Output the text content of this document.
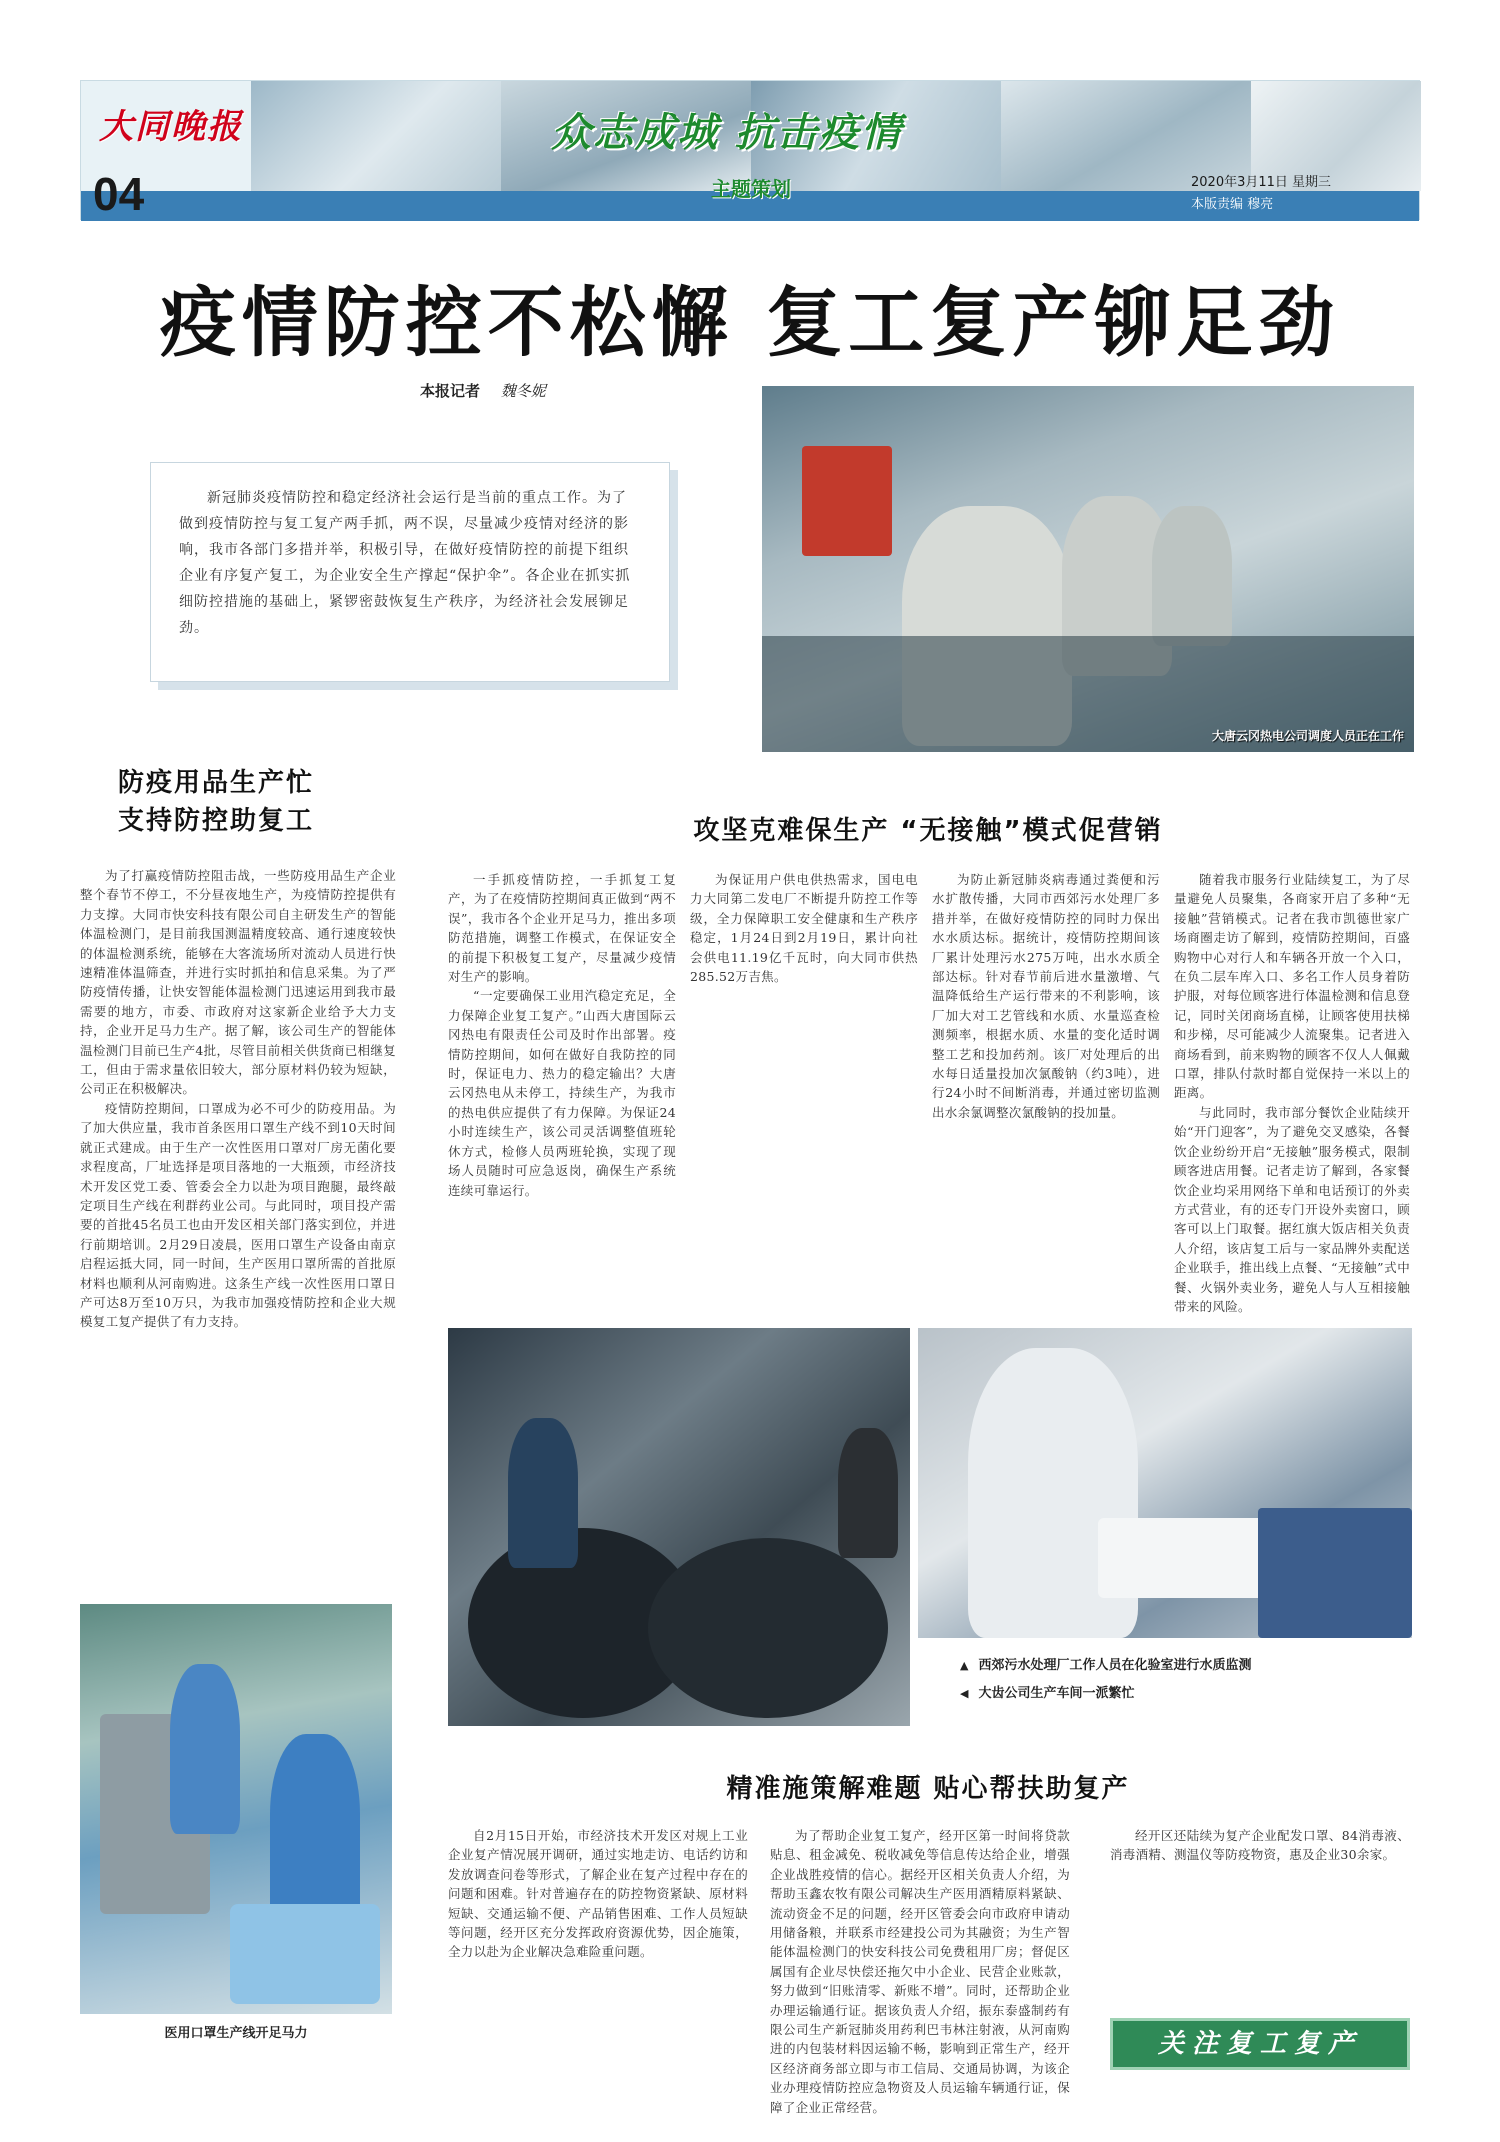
大同晚报
04
众志成城 抗击疫情
主题策划	2020年3月11日 星期三
本版责编 穆亮
疫情防控不松懈 复工复产铆足劲
本报记者 魏冬妮

新冠肺炎疫情防控和稳定经济社会运行是当前的重点工作。为了做到疫情防控与复工复产两手抓，两不误，尽量减少疫情对经济的影响，我市各部门多措并举，积极引导，在做好疫情防控的前提下组织企业有序复产复工，为企业安全生产撑起“保护伞”。各企业在抓实抓细防控措施的基础上，紧锣密鼓恢复生产秩序，为经济社会发展铆足劲。

大唐云冈热电公司调度人员正在工作
防疫用品生产忙
支持防控助复工

为了打赢疫情防控阻击战，一些防疫用品生产企业整个春节不停工，不分昼夜地生产，为疫情防控提供有力支撑。大同市快安科技有限公司自主研发生产的智能体温检测门，是目前我国测温精度较高、通行速度较快的体温检测系统，能够在大客流场所对流动人员进行快速精准体温筛查，并进行实时抓拍和信息采集。为了严防疫情传播，让快安智能体温检测门迅速运用到我市最需要的地方，市委、市政府对这家新企业给予大力支持，企业开足马力生产。据了解，该公司生产的智能体温检测门目前已生产4批，尽管目前相关供货商已相继复工，但由于需求量依旧较大，部分原材料仍较为短缺，公司正在积极解决。

疫情防控期间，口罩成为必不可少的防疫用品。为了加大供应量，我市首条医用口罩生产线不到10天时间就正式建成。由于生产一次性医用口罩对厂房无菌化要求程度高，厂址选择是项目落地的一大瓶颈，市经济技术开发区党工委、管委会全力以赴为项目跑腿，最终敲定项目生产线在利群药业公司。与此同时，项目投产需要的首批45名员工也由开发区相关部门落实到位，并进行前期培训。2月29日凌晨，医用口罩生产设备由南京启程运抵大同，同一时间，生产医用口罩所需的首批原材料也顺利从河南购进。这条生产线一次性医用口罩日产可达8万至10万只，为我市加强疫情防控和企业大规模复工复产提供了有力支持。

攻坚克难保生产 “无接触”模式促营销

一手抓疫情防控，一手抓复工复产，为了在疫情防控期间真正做到“两不误”，我市各个企业开足马力，推出多项防范措施，调整工作模式，在保证安全的前提下积极复工复产，尽量减少疫情对生产的影响。

“一定要确保工业用汽稳定充足，全力保障企业复工复产。”山西大唐国际云冈热电有限责任公司及时作出部署。疫情防控期间，如何在做好自我防控的同时，保证电力、热力的稳定输出？大唐云冈热电从未停工，持续生产，为我市的热电供应提供了有力保障。为保证24小时连续生产，该公司灵活调整值班轮休方式，检修人员两班轮换，实现了现场人员随时可应急返岗，确保生产系统连续可靠运行。

为保证用户供电供热需求，国电电力大同第二发电厂不断提升防控工作等级，全力保障职工安全健康和生产秩序稳定，1月24日到2月19日，累计向社会供电11.19亿千瓦时，向大同市供热285.52万吉焦。

为防止新冠肺炎病毒通过粪便和污水扩散传播，大同市西郊污水处理厂多措并举，在做好疫情防控的同时力保出水水质达标。据统计，疫情防控期间该厂累计处理污水275万吨，出水水质全部达标。针对春节前后进水量激增、气温降低给生产运行带来的不利影响，该厂加大对工艺管线和水质、水量巡查检测频率，根据水质、水量的变化适时调整工艺和投加药剂。该厂对处理后的出水每日适量投加次氯酸钠（约3吨），进行24小时不间断消毒，并通过密切监测出水余氯调整次氯酸钠的投加量。

随着我市服务行业陆续复工，为了尽量避免人员聚集，各商家开启了多种“无接触”营销模式。记者在我市凯德世家广场商圈走访了解到，疫情防控期间，百盛购物中心对行人和车辆各开放一个入口，在负二层车库入口、多名工作人员身着防护服，对每位顾客进行体温检测和信息登记，同时关闭商场直梯，让顾客使用扶梯和步梯，尽可能减少人流聚集。记者进入商场看到，前来购物的顾客不仅人人佩戴口罩，排队付款时都自觉保持一米以上的距离。

与此同时，我市部分餐饮企业陆续开始“开门迎客”，为了避免交叉感染，各餐饮企业纷纷开启“无接触”服务模式，限制顾客进店用餐。记者走访了解到，各家餐饮企业均采用网络下单和电话预订的外卖方式营业，有的还专门开设外卖窗口，顾客可以上门取餐。据红旗大饭店相关负责人介绍，该店复工后与一家品牌外卖配送企业联手，推出线上点餐、“无接触”式中餐、火锅外卖业务，避免人与人互相接触带来的风险。

▲ 西郊污水处理厂工作人员在化验室进行水质监测
◀ 大齿公司生产车间一派繁忙
医用口罩生产线开足马力
精准施策解难题 贴心帮扶助复产

自2月15日开始，市经济技术开发区对规上工业企业复产情况展开调研，通过实地走访、电话约访和发放调查问卷等形式，了解企业在复产过程中存在的问题和困难。针对普遍存在的防控物资紧缺、原材料短缺、交通运输不便、产品销售困难、工作人员短缺等问题，经开区充分发挥政府资源优势，因企施策，全力以赴为企业解决急难险重问题。

为了帮助企业复工复产，经开区第一时间将贷款贴息、租金减免、税收减免等信息传达给企业，增强企业战胜疫情的信心。据经开区相关负责人介绍，为帮助玉鑫农牧有限公司解决生产医用酒精原料紧缺、流动资金不足的问题，经开区管委会向市政府申请动用储备粮，并联系市经建投公司为其融资；为生产智能体温检测门的快安科技公司免费租用厂房；督促区属国有企业尽快偿还拖欠中小企业、民营企业账款，努力做到“旧账清零、新账不增”。同时，还帮助企业办理运输通行证。据该负责人介绍，振东泰盛制药有限公司生产新冠肺炎用药利巴韦林注射液，从河南购进的内包装材料因运输不畅，影响到正常生产，经开区经济商务部立即与市工信局、交通局协调，为该企业办理疫情防控应急物资及人员运输车辆通行证，保障了企业正常经营。

经开区还陆续为复产企业配发口罩、84消毒液、消毒酒精、测温仪等防疫物资，惠及企业30余家。

关注复工复产
